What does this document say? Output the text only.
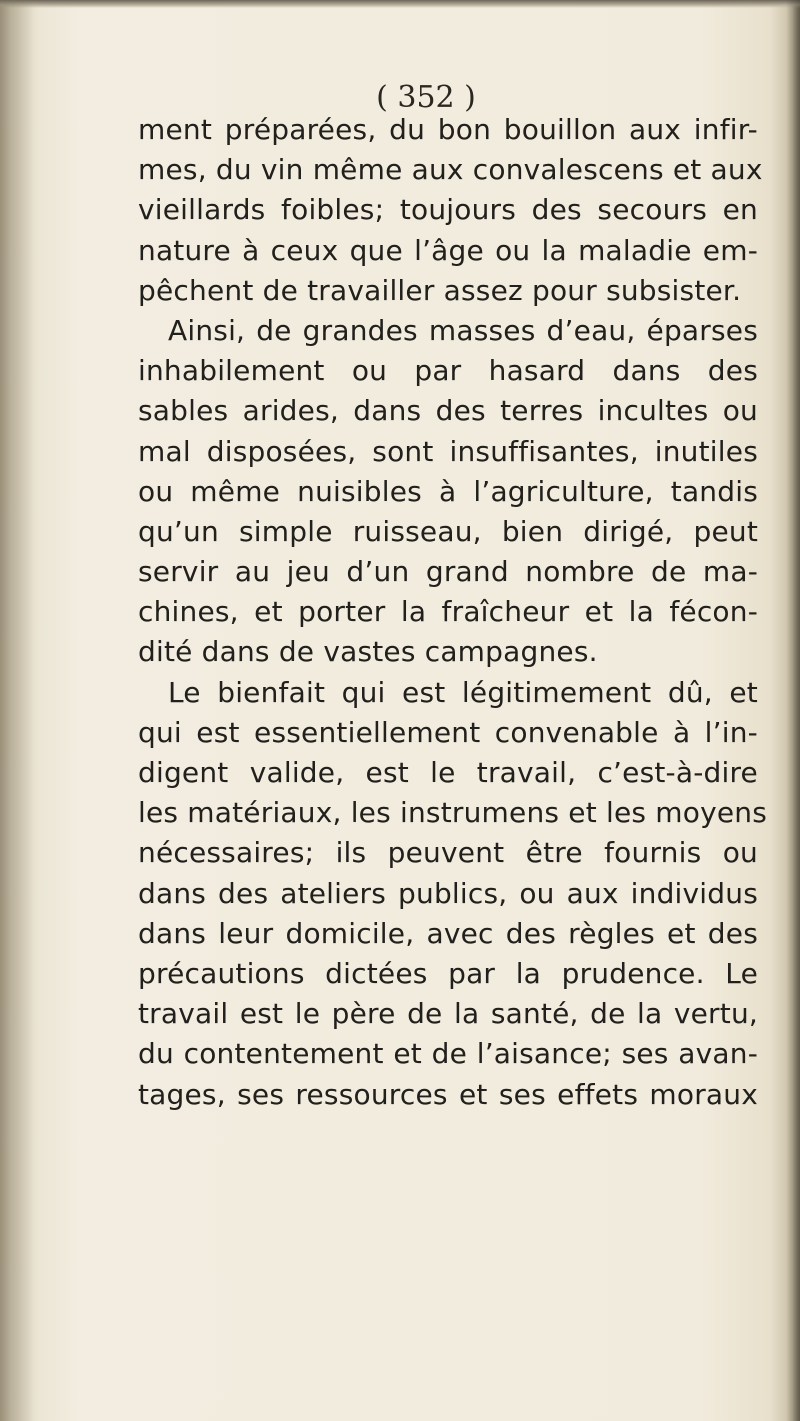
( 352 )
ment préparées, du bon bouillon aux infir-
mes, du vin même aux convalescens et aux
vieillards foibles; toujours des secours en
nature à ceux que l’âge ou la maladie em-
pêchent de travailler assez pour subsister.
Ainsi, de grandes masses d’eau, éparses
inhabilement ou par hasard dans des
sables arides, dans des terres incultes ou
mal disposées, sont insuffisantes, inutiles
ou même nuisibles à l’agriculture, tandis
qu’un simple ruisseau, bien dirigé, peut
servir au jeu d’un grand nombre de ma-
chines, et porter la fraîcheur et la fécon-
dité dans de vastes campagnes.
Le bienfait qui est légitimement dû, et
qui est essentiellement convenable à l’in-
digent valide, est le travail, c’est-à-dire
les matériaux, les instrumens et les moyens
nécessaires; ils peuvent être fournis ou
dans des ateliers publics, ou aux individus
dans leur domicile, avec des règles et des
précautions dictées par la prudence. Le
travail est le père de la santé, de la vertu,
du contentement et de l’aisance; ses avan-
tages, ses ressources et ses effets moraux
